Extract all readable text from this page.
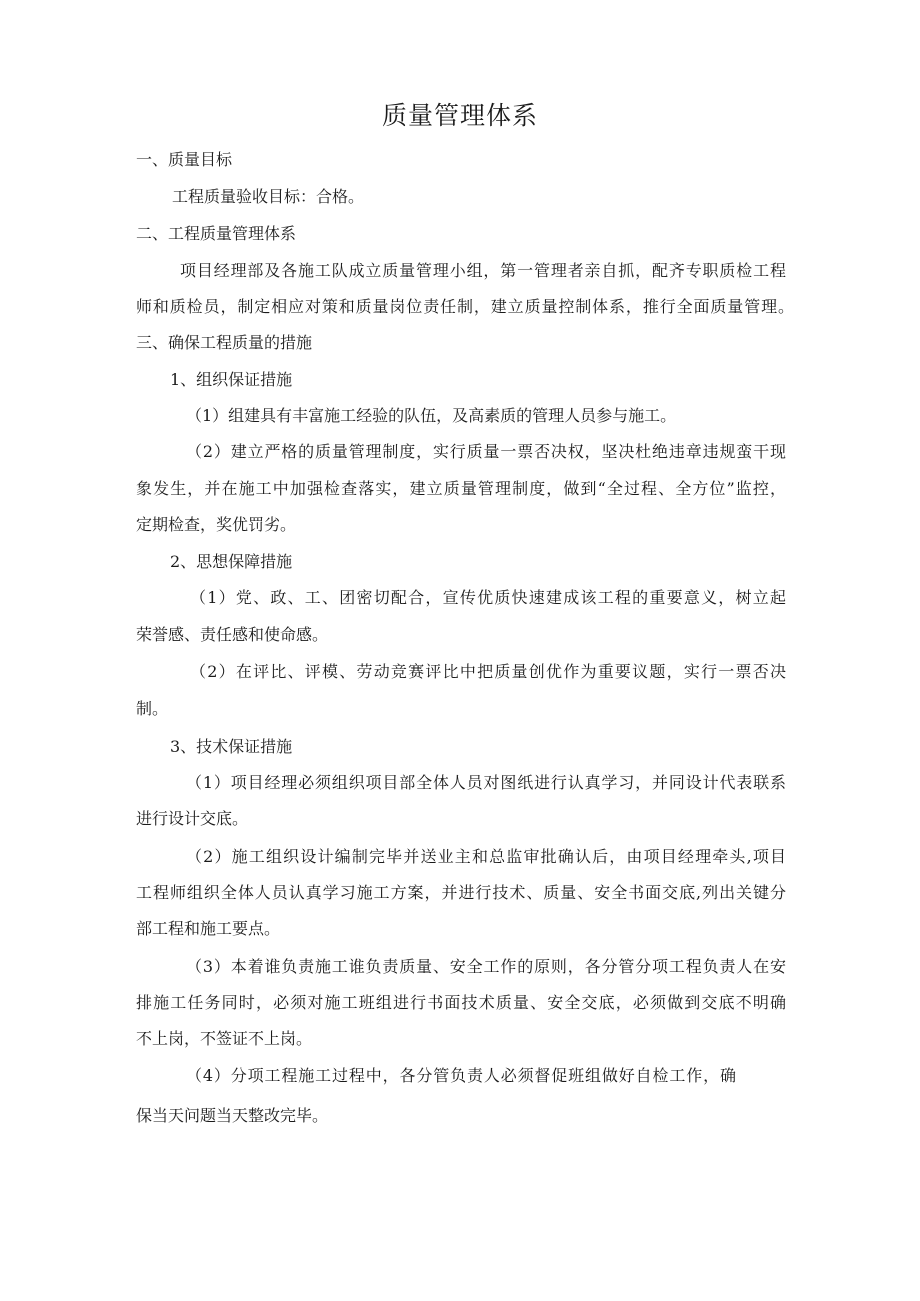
质量管理体系
一、质量目标
工程质量验收目标：合格。
二、工程质量管理体系
项目经理部及各施工队成立质量管理小组，第一管理者亲自抓，配齐专职质检工程
师和质检员，制定相应对策和质量岗位责任制，建立质量控制体系，推行全面质量管理。
三、确保工程质量的措施
1、组织保证措施
（1）组建具有丰富施工经验的队伍，及高素质的管理人员参与施工。
（2）建立严格的质量管理制度，实行质量一票否决权，坚决杜绝违章违规蛮干现
象发生，并在施工中加强检查落实，建立质量管理制度，做到“全过程、全方位”监控，
定期检查，奖优罚劣。
2、思想保障措施
（1）党、政、工、团密切配合，宣传优质快速建成该工程的重要意义，树立起
荣誉感、责任感和使命感。
（2）在评比、评模、劳动竞赛评比中把质量创优作为重要议题，实行一票否决
制。
3、技术保证措施
（1）项目经理必须组织项目部全体人员对图纸进行认真学习，并同设计代表联系
进行设计交底。
（2）施工组织设计编制完毕并送业主和总监审批确认后，由项目经理牵头,项目
工程师组织全体人员认真学习施工方案，并进行技术、质量、安全书面交底,列出关键分
部工程和施工要点。
（3）本着谁负责施工谁负责质量、安全工作的原则，各分管分项工程负责人在安
排施工任务同时，必须对施工班组进行书面技术质量、安全交底，必须做到交底不明确
不上岗，不签证不上岗。
（4）分项工程施工过程中，各分管负责人必须督促班组做好自检工作，确
保当天问题当天整改完毕。
